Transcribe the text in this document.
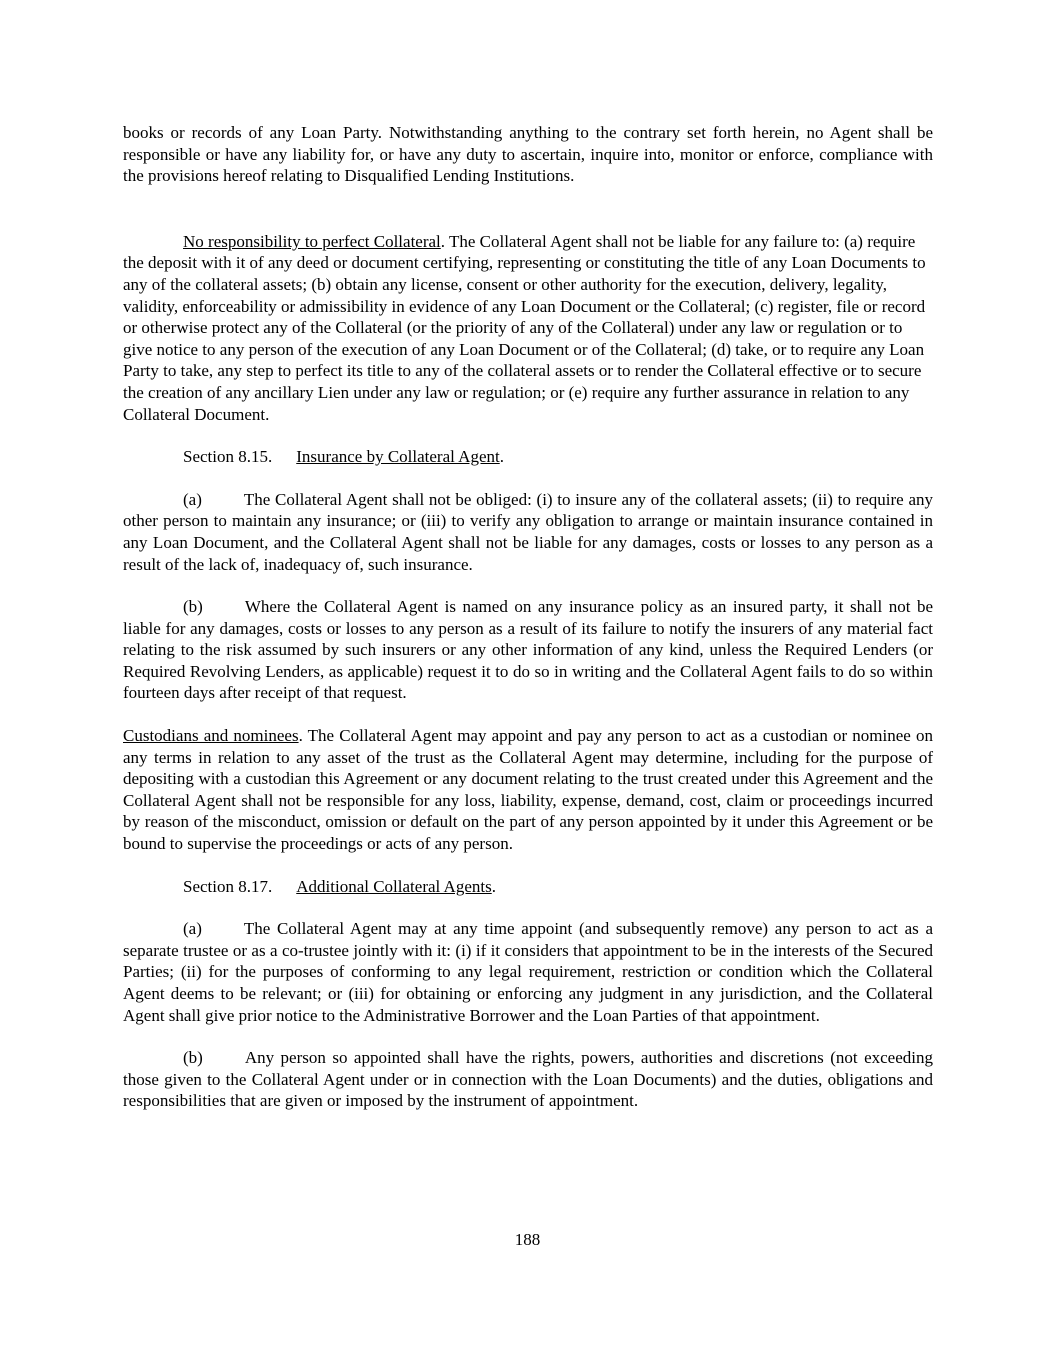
books or records of any Loan Party. Notwithstanding anything to the contrary set forth herein, no Agent shall be responsible or have any liability for, or have any duty to ascertain, inquire into, monitor or enforce, compliance with the provisions hereof relating to Disqualified Lending Institutions.

No responsibility to perfect Collateral. The Collateral Agent shall not be liable for any failure to: (a) require the deposit with it of any deed or document certifying, representing or constituting the title of any Loan Documents to any of the collateral assets; (b) obtain any license, consent or other authority for the execution, delivery, legality, validity, enforceability or admissibility in evidence of any Loan Document or the Collateral; (c) register, file or record or otherwise protect any of the Collateral (or the priority of any of the Collateral) under any law or regulation or to give notice to any person of the execution of any Loan Document or of the Collateral; (d) take, or to require any Loan Party to take, any step to perfect its title to any of the collateral assets or to render the Collateral effective or to secure the creation of any ancillary Lien under any law or regulation; or (e) require any further assurance in relation to any Collateral Document.

Section 8.15. Insurance by Collateral Agent.

(a) The Collateral Agent shall not be obliged: (i) to insure any of the collateral assets; (ii) to require any other person to maintain any insurance; or (iii) to verify any obligation to arrange or maintain insurance contained in any Loan Document, and the Collateral Agent shall not be liable for any damages, costs or losses to any person as a result of the lack of, inadequacy of, such insurance.

(b) Where the Collateral Agent is named on any insurance policy as an insured party, it shall not be liable for any damages, costs or losses to any person as a result of its failure to notify the insurers of any material fact relating to the risk assumed by such insurers or any other information of any kind, unless the Required Lenders (or Required Revolving Lenders, as applicable) request it to do so in writing and the Collateral Agent fails to do so within fourteen days after receipt of that request.

Custodians and nominees. The Collateral Agent may appoint and pay any person to act as a custodian or nominee on any terms in relation to any asset of the trust as the Collateral Agent may determine, including for the purpose of depositing with a custodian this Agreement or any document relating to the trust created under this Agreement and the Collateral Agent shall not be responsible for any loss, liability, expense, demand, cost, claim or proceedings incurred by reason of the misconduct, omission or default on the part of any person appointed by it under this Agreement or be bound to supervise the proceedings or acts of any person.

Section 8.17. Additional Collateral Agents.

(a) The Collateral Agent may at any time appoint (and subsequently remove) any person to act as a separate trustee or as a co-trustee jointly with it: (i) if it considers that appointment to be in the interests of the Secured Parties; (ii) for the purposes of conforming to any legal requirement, restriction or condition which the Collateral Agent deems to be relevant; or (iii) for obtaining or enforcing any judgment in any jurisdiction, and the Collateral Agent shall give prior notice to the Administrative Borrower and the Loan Parties of that appointment.

(b) Any person so appointed shall have the rights, powers, authorities and discretions (not exceeding those given to the Collateral Agent under or in connection with the Loan Documents) and the duties, obligations and responsibilities that are given or imposed by the instrument of appointment.

188
